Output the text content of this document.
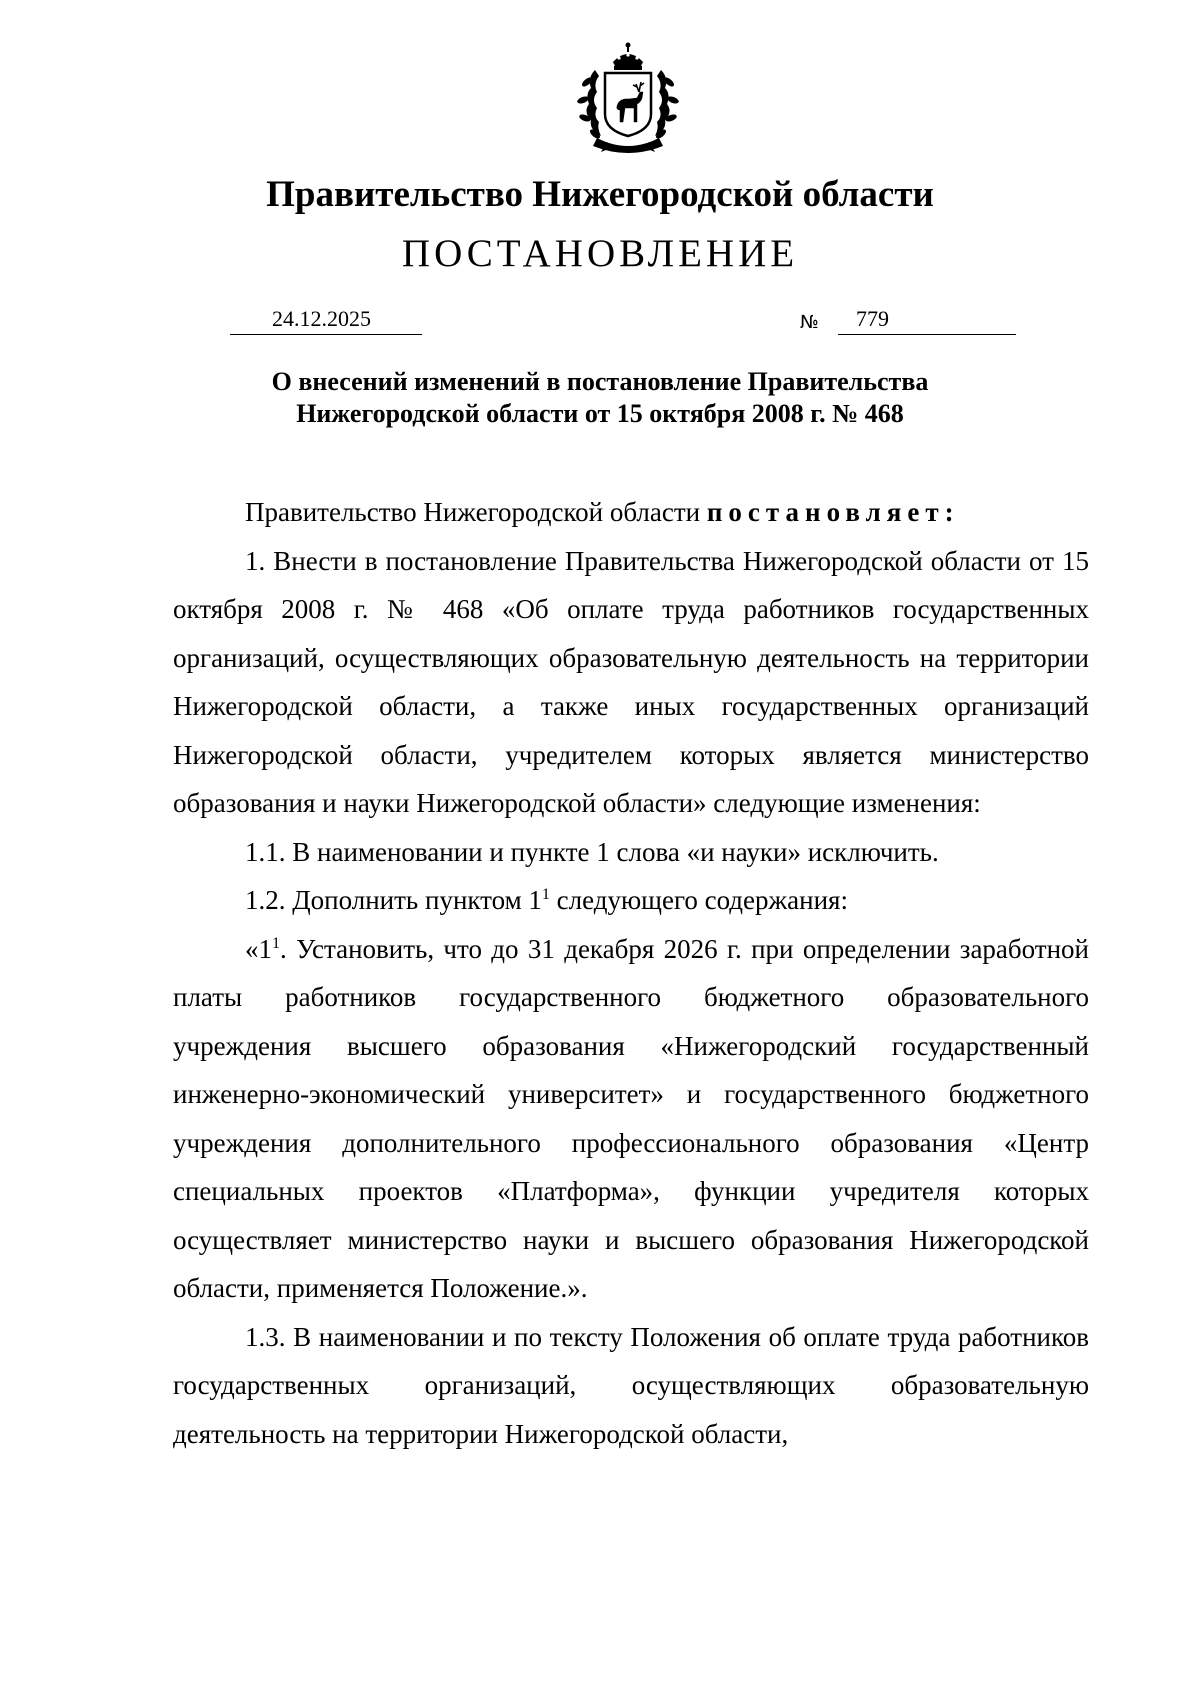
Правительство Нижегородской области
ПОСТАНОВЛЕНИЕ
24.12.2025	№ 779
О внесений изменений в постановление Правительства
Нижегородской области от 15 октября 2008 г. № 468

Правительство Нижегородской области постановляет:

1. Внести в постановление Правительства Нижегородской области от 15 октября 2008 г. № 468 «Об оплате труда работников государственных организаций, осуществляющих образовательную деятельность на территории Нижегородской области, а также иных государственных организаций Нижегородской области, учредителем которых является министерство образования и науки Нижегородской области» следующие изменения:

1.1. В наименовании и пункте 1 слова «и науки» исключить.

1.2. Дополнить пунктом $1^1$ следующего содержания:

«$1^1$. Установить, что до 31 декабря 2026 г. при определении заработной платы работников государственного бюджетного образовательного учреждения высшего образования «Нижегородский государственный инженерно-экономический университет» и государственного бюджетного учреждения дополнительного профессионального образования «Центр специальных проектов «Платформа», функции учредителя которых осуществляет министерство науки и высшего образования Нижегородской области, применяется Положение.».

1.3. В наименовании и по тексту Положения об оплате труда работников государственных организаций, осуществляющих образовательную деятельность на территории Нижегородской области,
